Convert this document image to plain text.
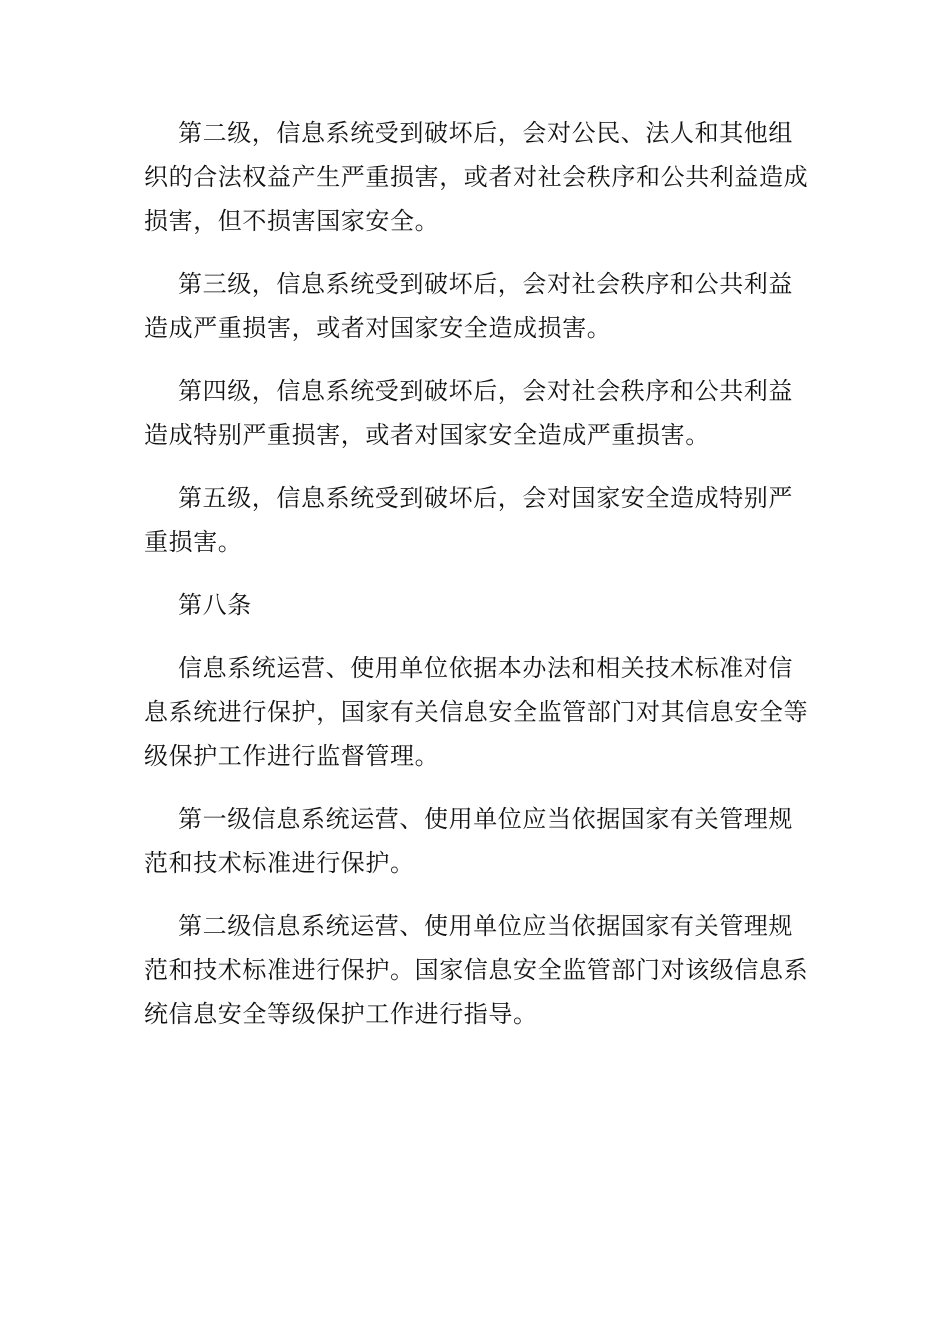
第二级，信息系统受到破坏后，会对公民、法人和其他组织的合法权益产生严重损害，或者对社会秩序和公共利益造成损害，但不损害国家安全。

第三级，信息系统受到破坏后，会对社会秩序和公共利益造成严重损害，或者对国家安全造成损害。

第四级，信息系统受到破坏后，会对社会秩序和公共利益造成特别严重损害，或者对国家安全造成严重损害。

第五级，信息系统受到破坏后，会对国家安全造成特别严重损害。

第八条

信息系统运营、使用单位依据本办法和相关技术标准对信息系统进行保护，国家有关信息安全监管部门对其信息安全等级保护工作进行监督管理。

第一级信息系统运营、使用单位应当依据国家有关管理规范和技术标准进行保护。

第二级信息系统运营、使用单位应当依据国家有关管理规范和技术标准进行保护。国家信息安全监管部门对该级信息系统信息安全等级保护工作进行指导。
